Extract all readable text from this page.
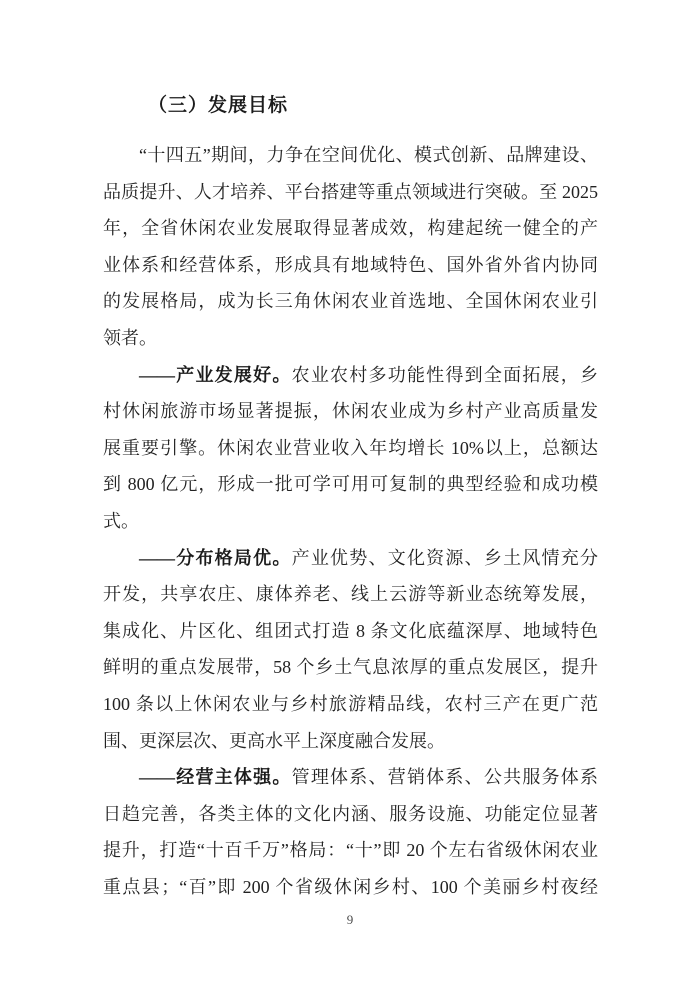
（三）发展目标
“十四五”期间，力争在空间优化、模式创新、品牌建设、
品质提升、人才培养、平台搭建等重点领域进行突破。至 2025
年，全省休闲农业发展取得显著成效，构建起统一健全的产
业体系和经营体系，形成具有地域特色、国外省外省内协同
的发展格局，成为长三角休闲农业首选地、全国休闲农业引
领者。
——产业发展好。农业农村多功能性得到全面拓展，乡
村休闲旅游市场显著提振，休闲农业成为乡村产业高质量发
展重要引擎。休闲农业营业收入年均增长 10%以上，总额达
到 800 亿元，形成一批可学可用可复制的典型经验和成功模
式。
——分布格局优。产业优势、文化资源、乡土风情充分
开发，共享农庄、康体养老、线上云游等新业态统筹发展，
集成化、片区化、组团式打造 8 条文化底蕴深厚、地域特色
鲜明的重点发展带，58 个乡土气息浓厚的重点发展区，提升
100 条以上休闲农业与乡村旅游精品线，农村三产在更广范
围、更深层次、更高水平上深度融合发展。
——经营主体强。管理体系、营销体系、公共服务体系
日趋完善，各类主体的文化内涵、服务设施、功能定位显著
提升，打造“十百千万”格局：“十”即 20 个左右省级休闲农业
重点县；“百”即 200 个省级休闲乡村、100 个美丽乡村夜经
9
